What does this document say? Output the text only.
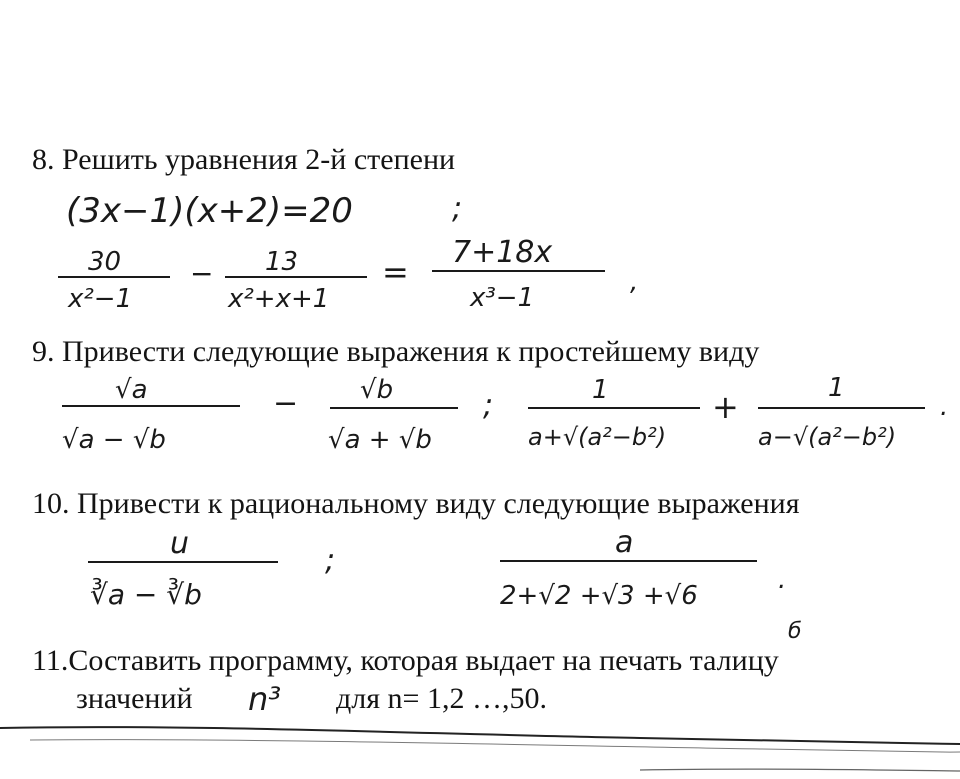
8. Решить уравнения 2-й степени
(3x−1)(x+2)=20	;
30
x²−1
− 13
x²+x+1
=
7+18x
x³−1
,
9. Привести следующие выражения к простейшему виду
√a
√a − √b
− √b
√a + √b
;	1
a+√(a²−b²)
+	1
a−√(a²−b²)
.
10. Привести к рациональному виду следующие выражения
u
∛a − ∛b
;
a
2+√2 +√3 +√6
.
11.Составить программу, которая выдает на печать талицу
значений	для n= 1,2 …,50.
б
n³
